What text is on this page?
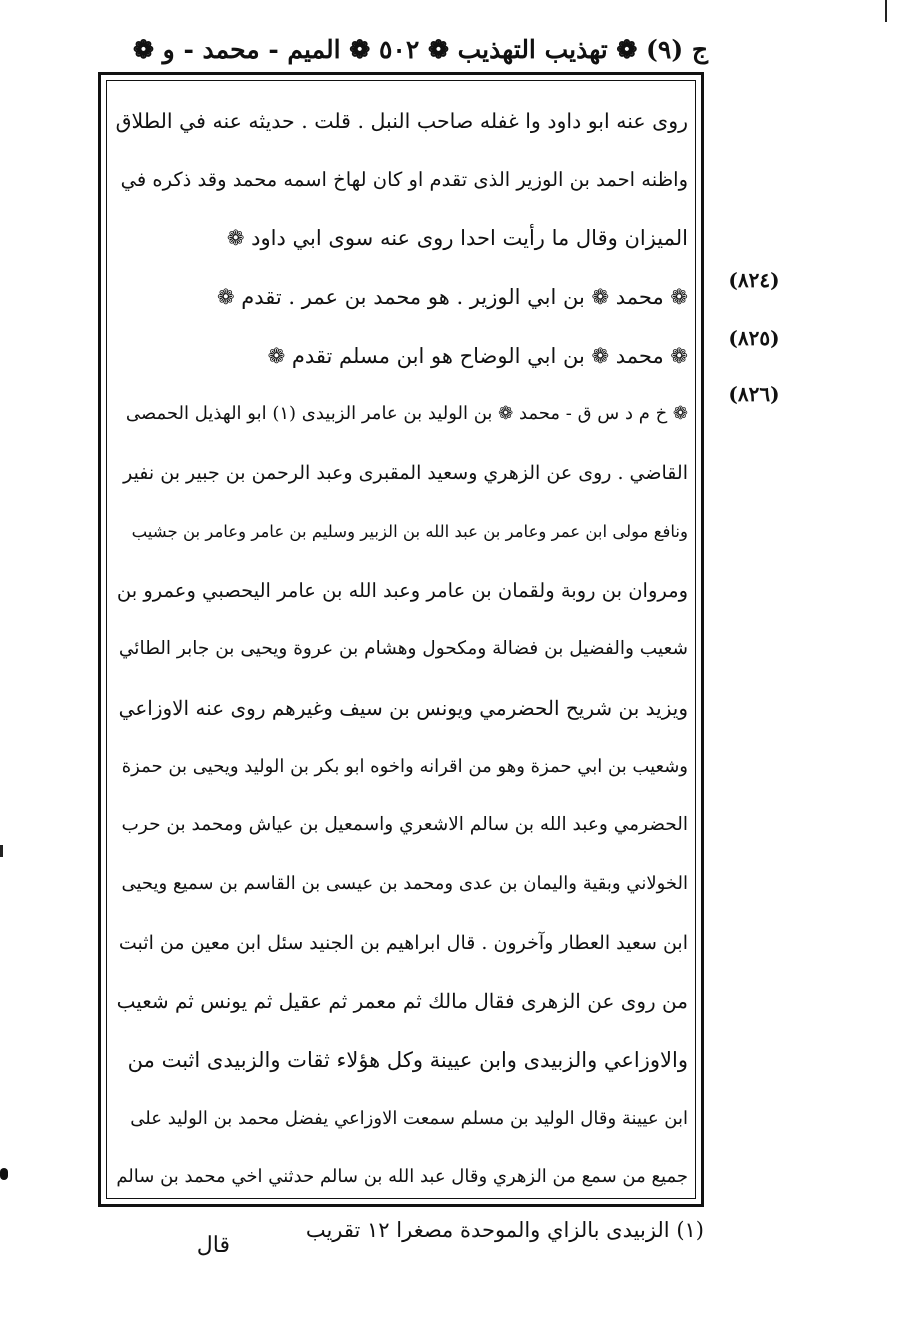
ج (٩) ❁ تهذيب التهذيب ❁ ٥٠٢ ❁ الميم - محمد - و ❁
روى عنه ابو داود وا غفله صاحب النبل . قلت . حديثه عنه في الطلاق
واظنه احمد بن الوزير الذى تقدم او كان لهاخ اسمه محمد وقد ذكره في
الميزان وقال ما رأيت احدا روى عنه سوى ابي داود ❁
❁ محمد ❁ بن ابي الوزير . هو محمد بن عمر . تقدم ❁
❁ محمد ❁ بن ابي الوضاح هو ابن مسلم تقدم ❁
❁ خ م د س ق - محمد ❁ بن الوليد بن عامر الزبيدى (١) ابو الهذيل الحمصى
القاضي . روى عن الزهري وسعيد المقبرى وعبد الرحمن بن جبير بن نفير
ونافع مولى ابن عمر وعامر بن عبد الله بن الزبير وسليم بن عامر وعامر بن جشيب
ومروان بن روبة ولقمان بن عامر وعبد الله بن عامر اليحصبي وعمرو بن
شعيب والفضيل بن فضالة ومكحول وهشام بن عروة ويحيى بن جابر الطائي
ويزيد بن شريح الحضرمي ويونس بن سيف وغيرهم روى عنه الاوزاعي
وشعيب بن ابي حمزة وهو من اقرانه واخوه ابو بكر بن الوليد ويحيى بن حمزة
الحضرمي وعبد الله بن سالم الاشعري واسمعيل بن عياش ومحمد بن حرب
الخولاني وبقية واليمان بن عدى ومحمد بن عيسى بن القاسم بن سميع ويحيى
ابن سعيد العطار وآخرون . قال ابراهيم بن الجنيد سئل ابن معين من اثبت
من روى عن الزهرى فقال مالك ثم معمر ثم عقيل ثم يونس ثم شعيب
والاوزاعي والزبيدى وابن عيينة وكل هؤلاء ثقات والزبيدى اثبت من
ابن عيينة وقال الوليد بن مسلم سمعت الاوزاعي يفضل محمد بن الوليد على
جميع من سمع من الزهري وقال عبد الله بن سالم حدثني اخي محمد بن سالم
(٨٢٤)
(٨٢٥)
(٨٢٦)
(١) الزبيدى بالزاي والموحدة مصغرا ١٢ تقريب
قال
